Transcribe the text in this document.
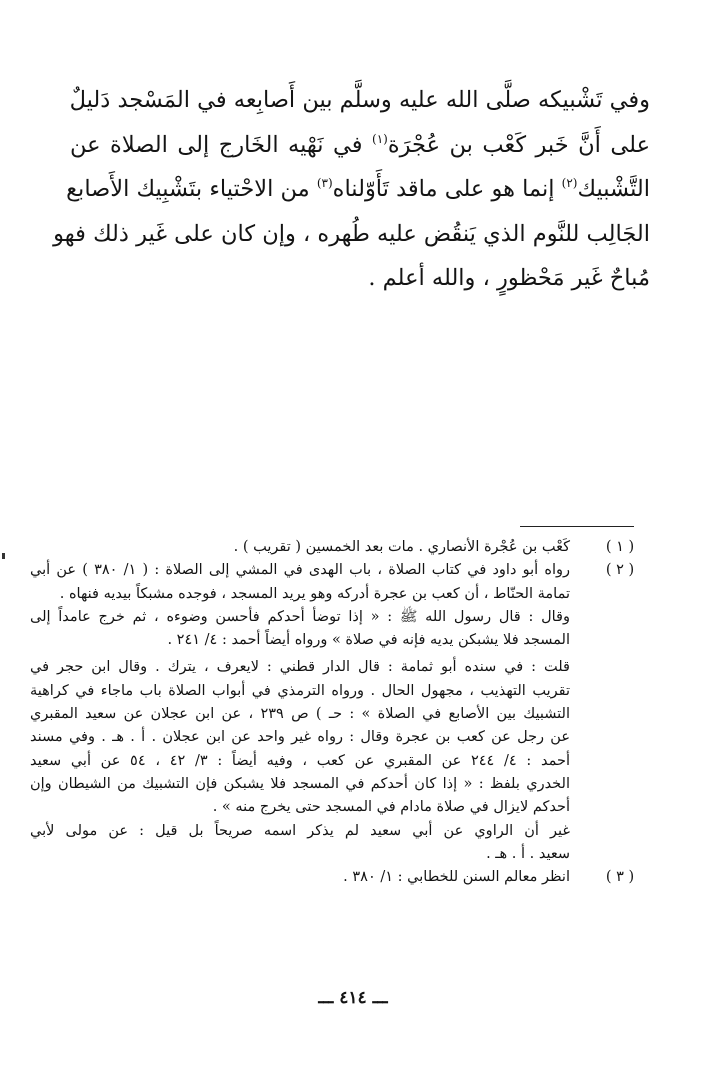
وفي تَشْبيكه صلَّى الله عليه وسلَّم بين أَصابِعه في المَسْجد دَليلٌ
على أَنَّ خَبر كَعْب بن عُجْرَة$^{(١)}$ في نَهْيه الخَارج إلى الصلاة عن
التَّشْبيك$^{(٢)}$ إنما هو على ماقد تَأَوّلناه$^{(٣)}$ من الاحْتياء بتَشْبِيك الأَصابع
الجَالِب للنَّوم الذي يَنقُض عليه طُهره ، وإن كان على غَير ذلك فهو
مُباحٌ غَير مَحْظورٍ ، والله أعلم .
( ١ )
كَعْب بن عُجْرة الأنصاري . مات بعد الخمسين ( تقريب ) .
( ٢ )
رواه أبو داود في كتاب الصلاة ، باب الهدى في المشي إلى الصلاة : ( ١/ ٣٨٠ ) عن أبي
تمامة الحنّاط ، أن كعب بن عجرة أدركه وهو يريد المسجد ، فوجده مشبكاً بيديه فنهاه .
وقال : قال رسول الله ﷺ : « إذا توضأ أحدكم فأحسن وضوءه ، ثم خرج عامداً إلى
المسجد فلا يشبكن يديه فإنه في صلاة » ورواه أيضاً أحمد : ٤/ ٢٤١ .
قلت : في سنده أبو ثمامة : قال الدار قطني : لايعرف ، يترك . وقال ابن حجر في
تقريب التهذيب ، مجهول الحال . ورواه الترمذي في أبواب الصلاة باب ماجاء في كراهية
التشبيك بين الأصابع في الصلاة » : حـ ) ص ٢٣٩ ، عن ابن عجلان عن سعيد المقبري
عن رجل عن كعب بن عجرة وقال : رواه غير واحد عن ابن عجلان . أ . هـ . وفي مسند
أحمد : ٤/ ٢٤٤ عن المقبري عن كعب ، وفيه أيضاً : ٣/ ٤٢ ، ٥٤ عن أبي سعيد
الخدري بلفظ : « إذا كان أحدكم في المسجد فلا يشبكن فإن التشبيك من الشيطان وإن
أحدكم لايزال في صلاة مادام في المسجد حتى يخرج منه » .
غير أن الراوي عن أبي سعيد لم يذكر اسمه صريحاً بل قيل : عن مولى لأبي
سعيد . أ . هـ .
( ٣ )
انظر معالم السنن للخطابي : ١/ ٣٨٠ .
ـــ ٤١٤ ـــ
